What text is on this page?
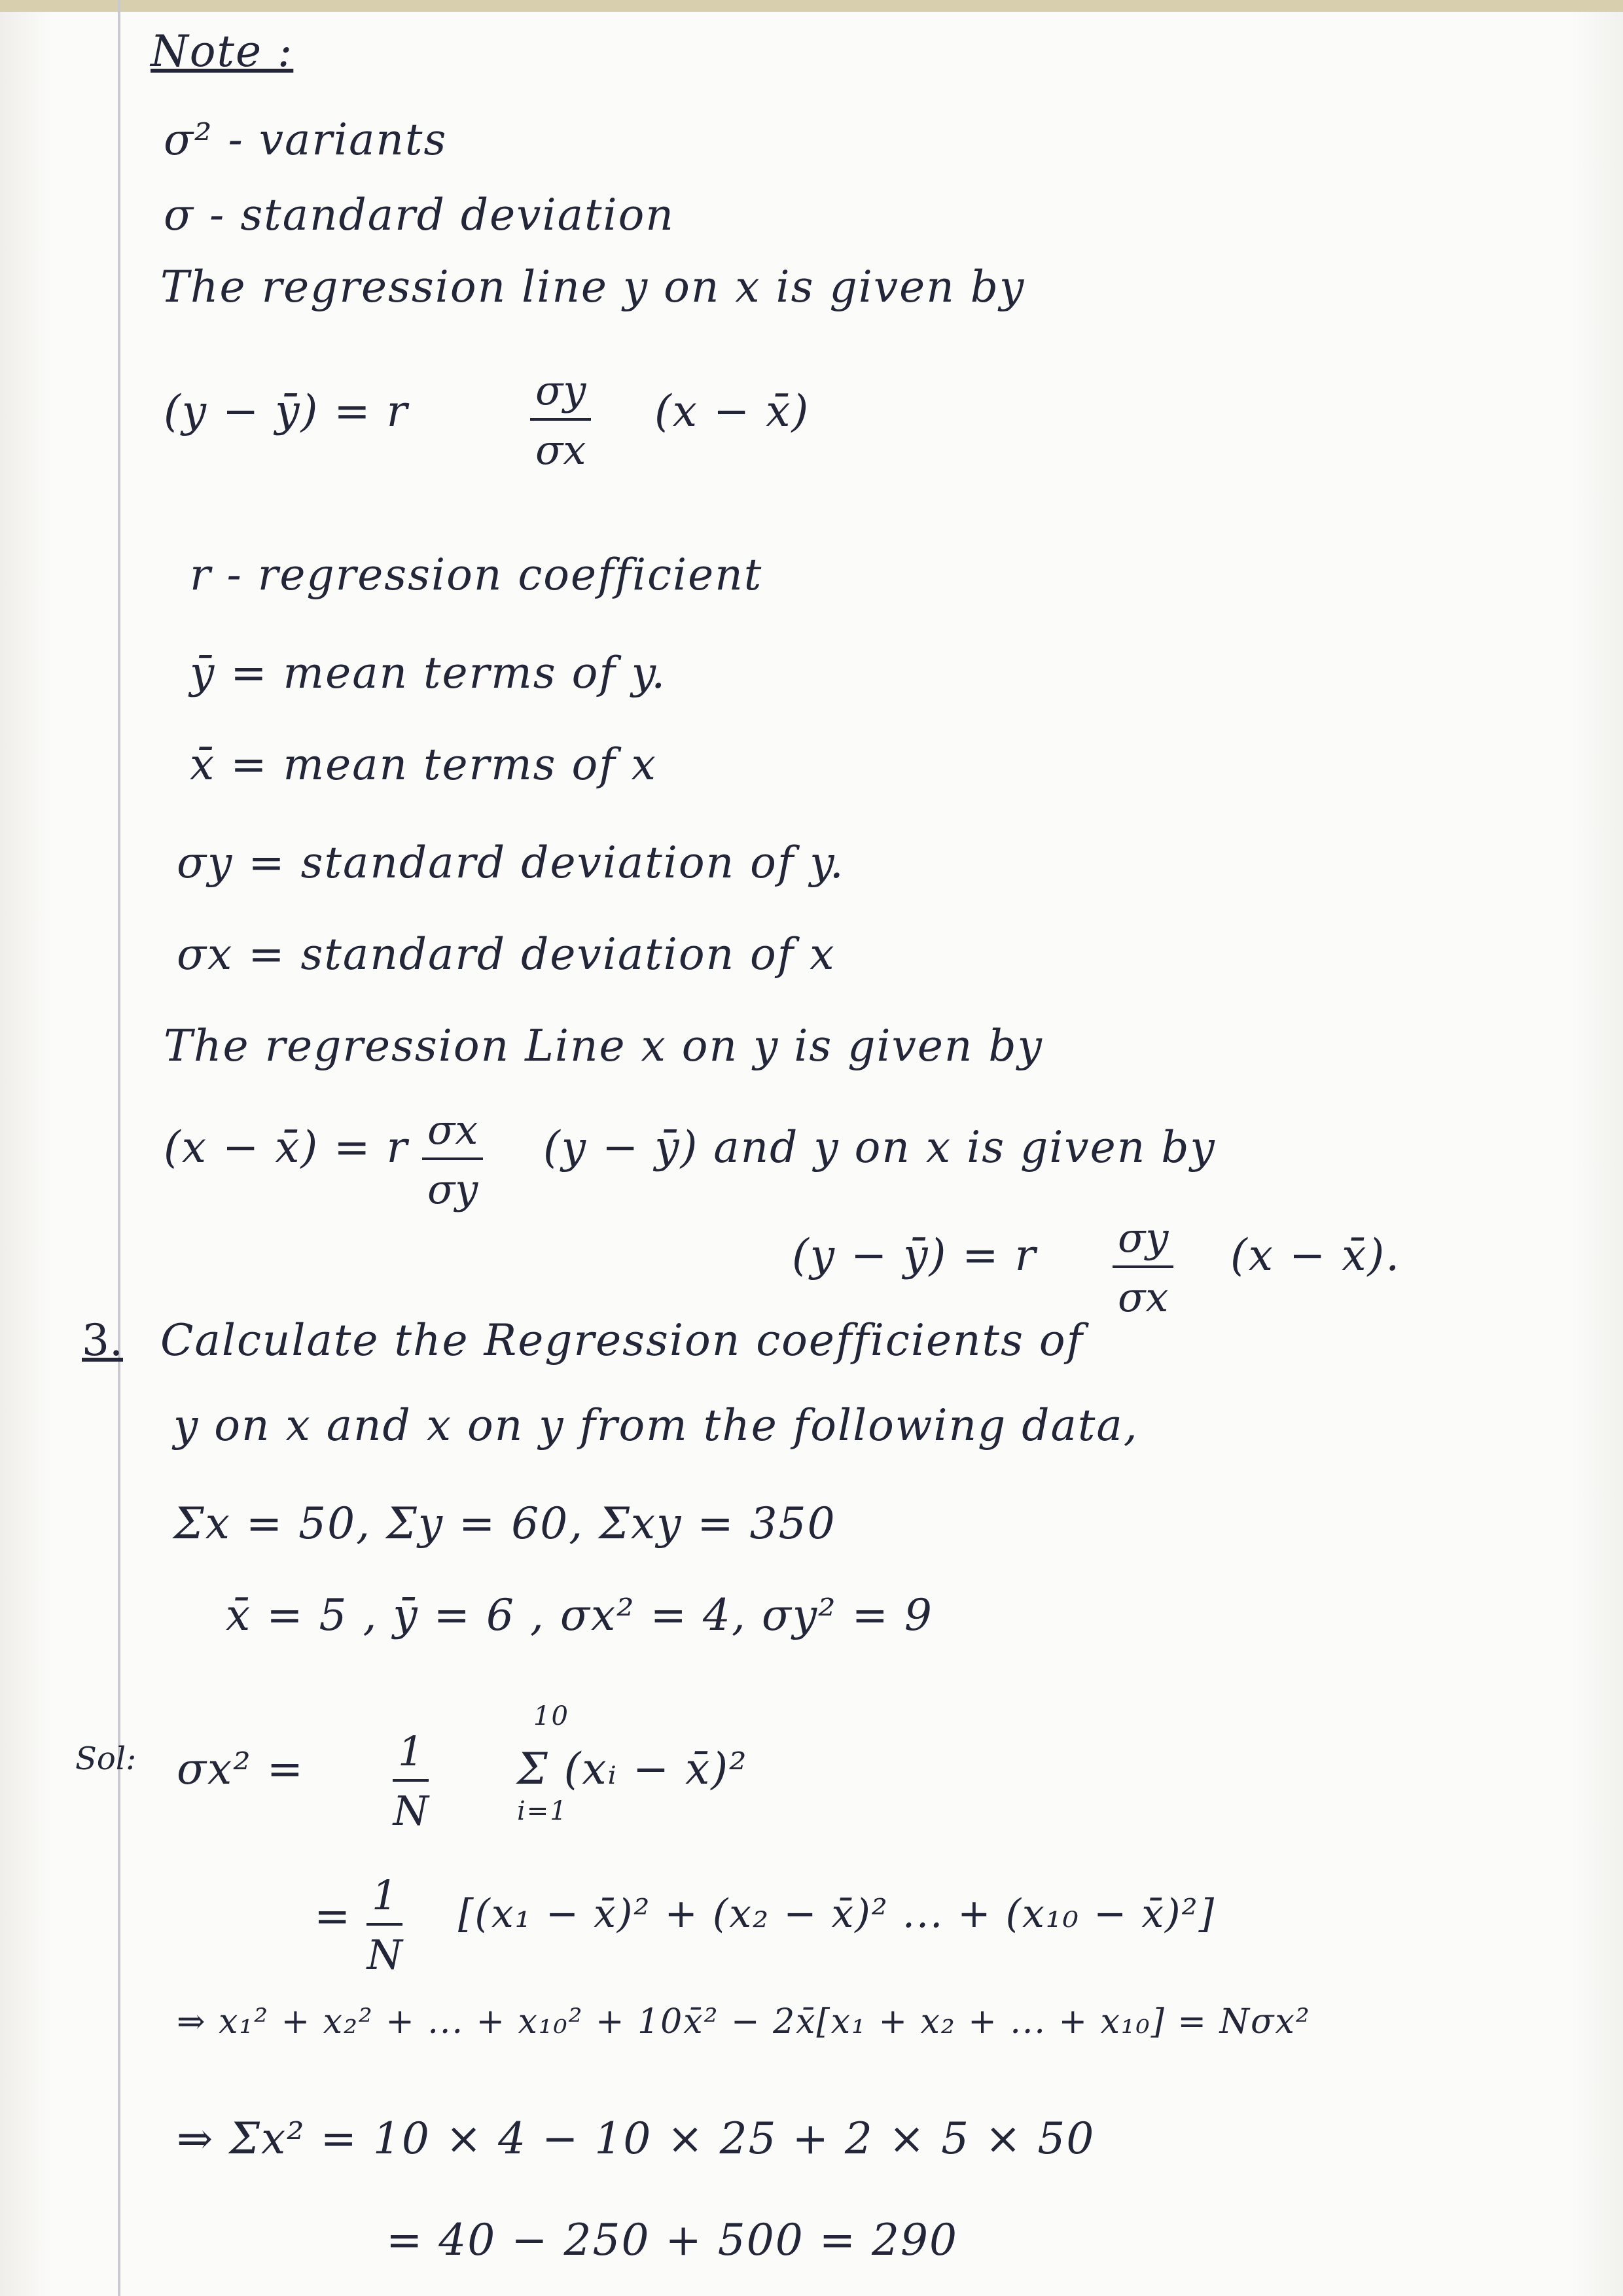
Note :
σ² - variants
σ - standard deviation
The regression line y on x is given by
(y − ȳ) = r	$\frac{\sigma y}{\sigma x} (x$ − x̄)
r - regression coefficient
ȳ = mean terms of y.
x̄ = mean terms of x
σy = standard deviation of y.
σx = standard deviation of x
The regression Line x on y is given by
(x − x̄) = r $\frac{\sigma x}{\sigma y} (y$ − ȳ) and y on x is given by
(y − ȳ) = r $\frac{\sigma y}{\sigma x} (x$ − x̄).
3. Calculate the Regression coefficients of
y on x and x on y from the following data,
Σx = 50, Σy = 60, Σxy = 350
x̄ = 5 , ȳ = 6 , σx² = 4, σy² = 9
Sol: $\sigma x^2 = \frac{1}{N}$
10
Σ (xᵢ − x̄)²
i=1
= $\frac{1}{N} [(x_1$ − x̄)² + (x₂ − x̄)² ... + (x₁₀ − x̄)²]
⇒ x₁² + x₂² + ... + x₁₀² + 10x̄² − 2x̄[x₁ + x₂ + ... + x₁₀] = Nσx²
⇒ Σx² = 10 × 4 − 10 × 25 + 2 × 5 × 50
= 40 − 250 + 500 = 290
